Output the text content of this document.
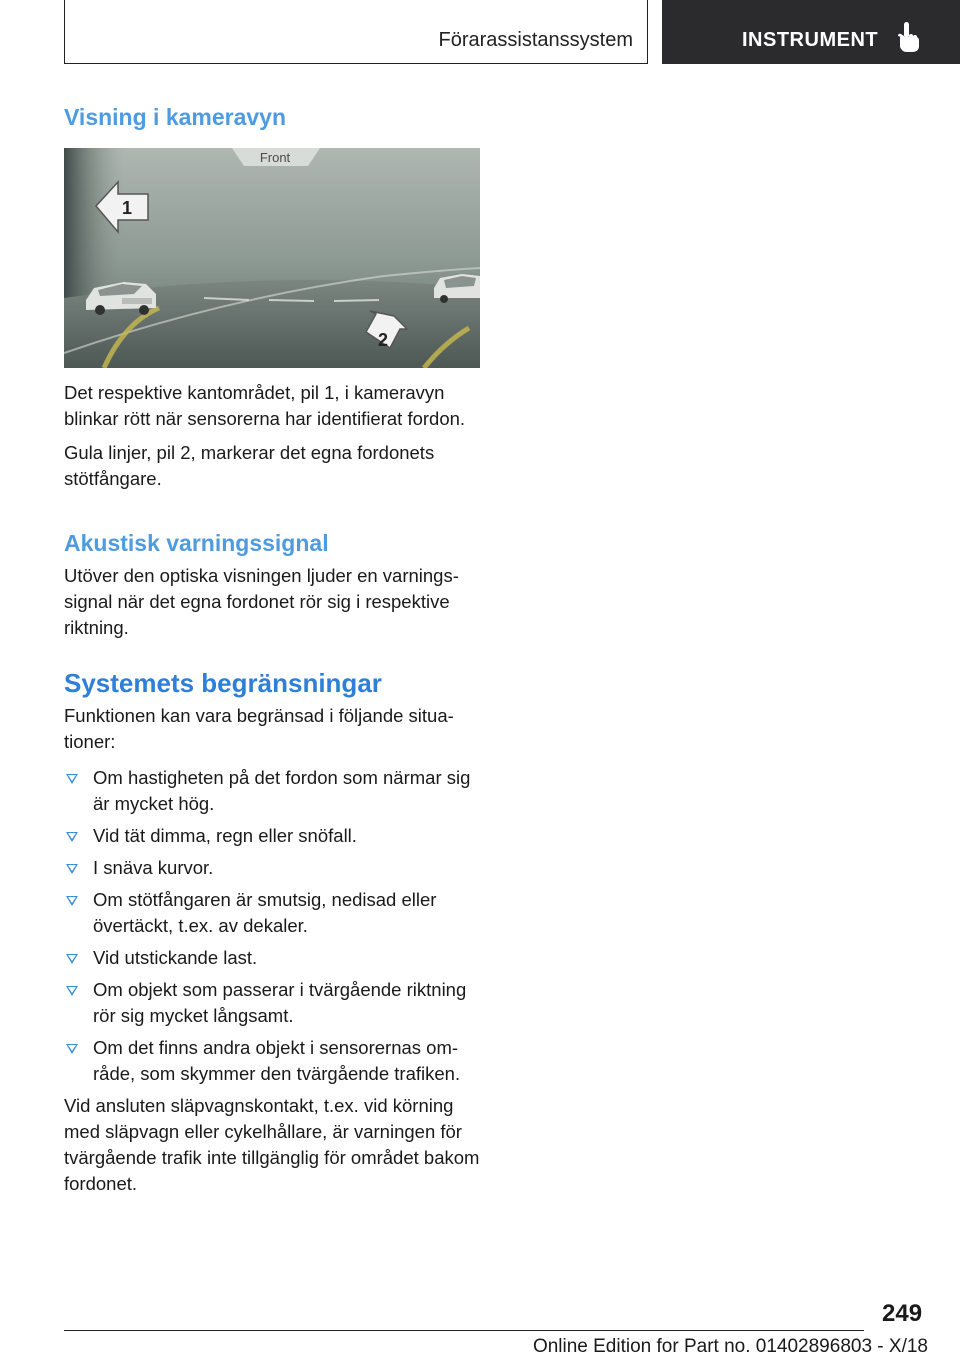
Förarassistanssystem	INSTRUMENT
Visning i kameravyn
Front
1
2

Det respektive kantområdet, pil 1, i kameravyn blinkar rött när sensorerna har identifierat fordon.

Gula linjer, pil 2, markerar det egna fordonets stötfångare.

Akustisk varningssignal

Utöver den optiska visningen ljuder en varningssignal när det egna fordonet rör sig i respektive riktning.

Systemets begränsningar

Funktionen kan vara begränsad i följande situationer:

Om hastigheten på det fordon som närmar sig är mycket hög.
Vid tät dimma, regn eller snöfall.
I snäva kurvor.
Om stötfångaren är smutsig, nedisad eller övertäckt, t.ex. av dekaler.
Vid utstickande last.
Om objekt som passerar i tvärgående riktning rör sig mycket långsamt.
Om det finns andra objekt i sensorernas område, som skymmer den tvärgående trafiken.

Vid ansluten släpvagnskontakt, t.ex. vid körning med släpvagn eller cykelhållare, är varningen för tvärgående trafik inte tillgänglig för området bakom fordonet.

249
Online Edition for Part no. 01402896803 - X/18
